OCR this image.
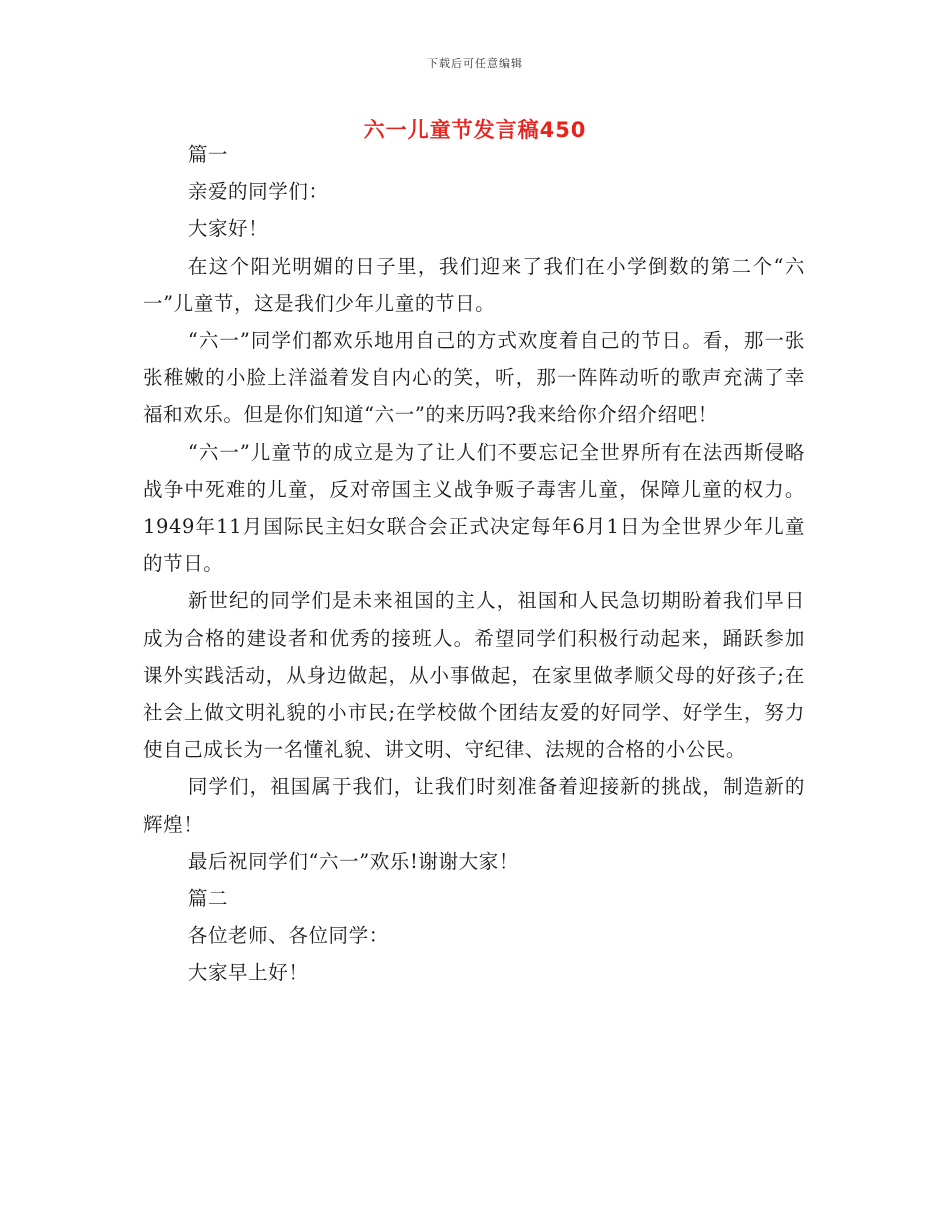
下载后可任意编辑
六一儿童节发言稿450

篇一

亲爱的同学们：

大家好！

在这个阳光明媚的日子里，我们迎来了我们在小学倒数的第二个“六一”儿童节，这是我们少年儿童的节日。

“六一”同学们都欢乐地用自己的方式欢度着自己的节日。看，那一张张稚嫩的小脸上洋溢着发自内心的笑，听，那一阵阵动听的歌声充满了幸福和欢乐。但是你们知道“六一”的来历吗?我来给你介绍介绍吧！

“六一”儿童节的成立是为了让人们不要忘记全世界所有在法西斯侵略战争中死难的儿童，反对帝国主义战争贩子毒害儿童，保障儿童的权力。1949年11月国际民主妇女联合会正式决定每年6月1日为全世界少年儿童的节日。

新世纪的同学们是未来祖国的主人，祖国和人民急切期盼着我们早日成为合格的建设者和优秀的接班人。希望同学们积极行动起来，踊跃参加课外实践活动，从身边做起，从小事做起，在家里做孝顺父母的好孩子;在社会上做文明礼貌的小市民;在学校做个团结友爱的好同学、好学生，努力使自己成长为一名懂礼貌、讲文明、守纪律、法规的合格的小公民。

同学们，祖国属于我们，让我们时刻准备着迎接新的挑战，制造新的辉煌！

最后祝同学们“六一”欢乐!谢谢大家！

篇二

各位老师、各位同学：

大家早上好！
